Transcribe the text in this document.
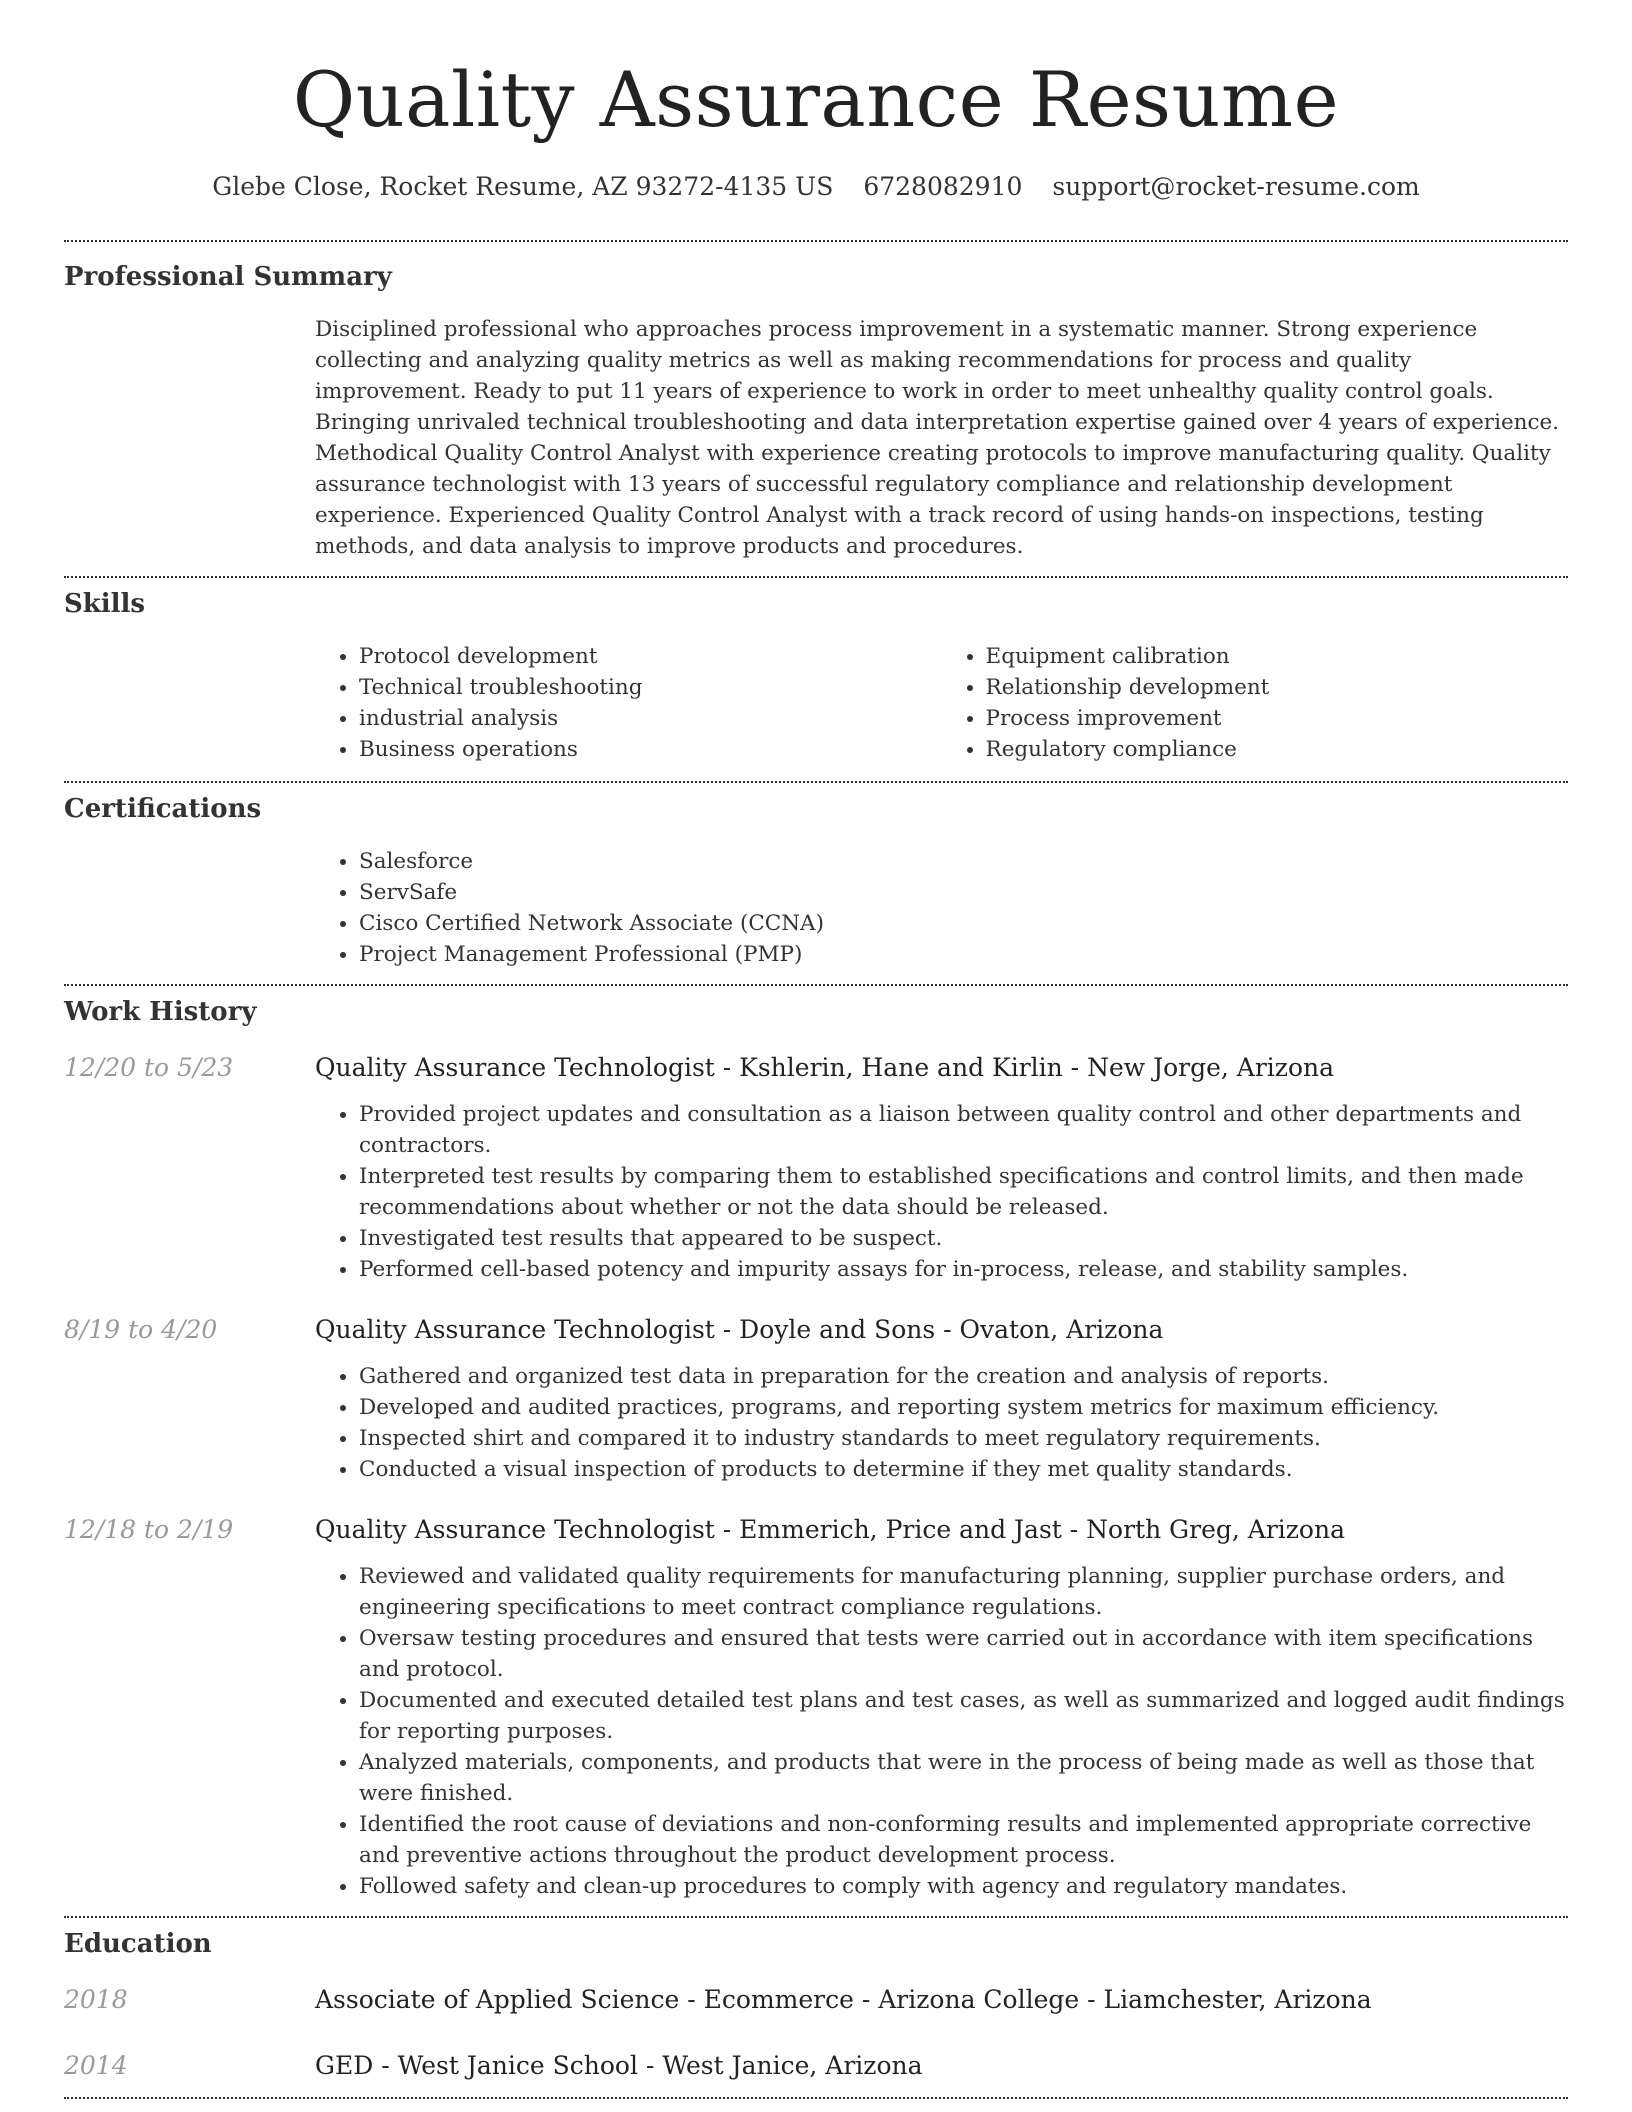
Quality Assurance Resume
Glebe Close, Rocket Resume, AZ 93272-4135 US 6728082910 support@rocket-resume.com
Professional Summary
Disciplined professional who approaches process improvement in a systematic manner. Strong experience collecting and analyzing quality metrics as well as making recommendations for process and quality improvement. Ready to put 11 years of experience to work in order to meet unhealthy quality control goals. Bringing unrivaled technical troubleshooting and data interpretation expertise gained over 4 years of experience. Methodical Quality Control Analyst with experience creating protocols to improve manufacturing quality. Quality assurance technologist with 13 years of successful regulatory compliance and relationship development experience. Experienced Quality Control Analyst with a track record of using hands-on inspections, testing methods, and data analysis to improve products and procedures.
Skills
• Protocol development
• Technical troubleshooting
• industrial analysis
• Business operations
• Equipment calibration
• Relationship development
• Process improvement
• Regulatory compliance
Certifications
• Salesforce
• ServSafe
• Cisco Certified Network Associate (CCNA)
• Project Management Professional (PMP)
Work History
12/20 to 5/23	Quality Assurance Technologist - Kshlerin, Hane and Kirlin - New Jorge, Arizona
• Provided project updates and consultation as a liaison between quality control and other departments and contractors.
• Interpreted test results by comparing them to established specifications and control limits, and then made recommendations about whether or not the data should be released.
• Investigated test results that appeared to be suspect.
• Performed cell-based potency and impurity assays for in-process, release, and stability samples.
8/19 to 4/20	Quality Assurance Technologist - Doyle and Sons - Ovaton, Arizona
• Gathered and organized test data in preparation for the creation and analysis of reports.
• Developed and audited practices, programs, and reporting system metrics for maximum efficiency.
• Inspected shirt and compared it to industry standards to meet regulatory requirements.
• Conducted a visual inspection of products to determine if they met quality standards.
12/18 to 2/19	Quality Assurance Technologist - Emmerich, Price and Jast - North Greg, Arizona
• Reviewed and validated quality requirements for manufacturing planning, supplier purchase orders, and engineering specifications to meet contract compliance regulations.
• Oversaw testing procedures and ensured that tests were carried out in accordance with item specifications and protocol.
• Documented and executed detailed test plans and test cases, as well as summarized and logged audit findings for reporting purposes.
• Analyzed materials, components, and products that were in the process of being made as well as those that were finished.
• Identified the root cause of deviations and non-conforming results and implemented appropriate corrective and preventive actions throughout the product development process.
• Followed safety and clean-up procedures to comply with agency and regulatory mandates.
Education
2018	Associate of Applied Science - Ecommerce - Arizona College - Liamchester, Arizona
2014	GED - West Janice School - West Janice, Arizona
